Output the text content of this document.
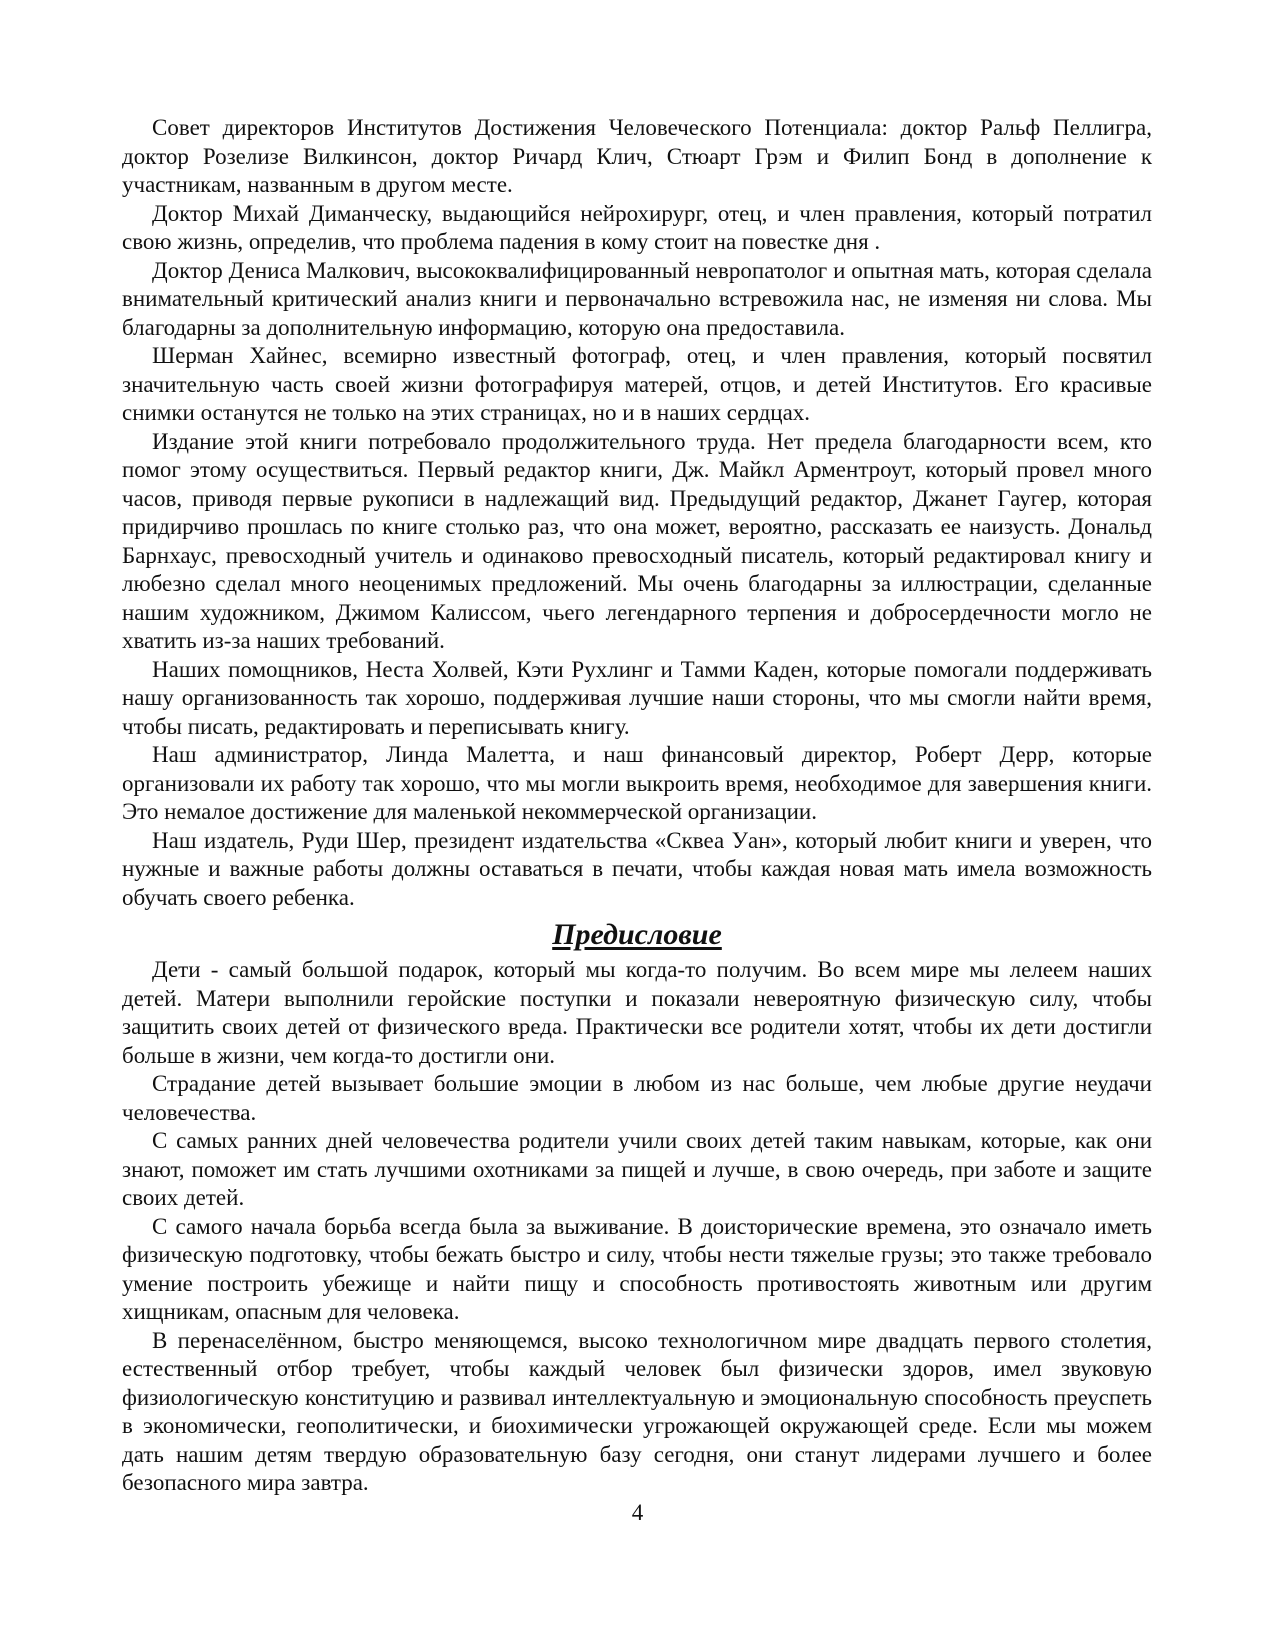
Совет директоров Институтов Достижения Человеческого Потенциала: доктор Ральф Пеллигра, доктор Розелизе Вилкинсон, доктор Ричард Клич, Стюарт Грэм и Филип Бонд в дополнение к участникам, названным в другом месте.

Доктор Михай Диманческу, выдающийся нейрохирург, отец, и член правления, который потратил свою жизнь, определив, что проблема падения в кому стоит на повестке дня .

Доктор Дениса Малкович, высококвалифицированный невропатолог и опытная мать, которая сделала внимательный критический анализ книги и первоначально встревожила нас, не изменяя ни слова. Мы благодарны за дополнительную информацию, которую она предоставила.

Шерман Хайнес, всемирно известный фотограф, отец, и член правления, который посвятил значительную часть своей жизни фотографируя матерей, отцов, и детей Институтов. Его красивые снимки останутся не только на этих страницах, но и в наших сердцах.

Издание этой книги потребовало продолжительного труда. Нет предела благодарности всем, кто помог этому осуществиться. Первый редактор книги, Дж. Майкл Арментроут, который провел много часов, приводя первые рукописи в надлежащий вид. Предыдущий редактор, Джанет Гаугер, которая придирчиво прошлась по книге столько раз, что она может, вероятно, рассказать ее наизусть. Дональд Барнхаус, превосходный учитель и одинаково превосходный писатель, который редактировал книгу и любезно сделал много неоценимых предложений. Мы очень благодарны за иллюстрации, сделанные нашим художником, Джимом Калиссом, чьего легендарного терпения и добросердечности могло не хватить из-за наших требований.

Наших помощников, Неста Холвей, Кэти Рухлинг и Тамми Каден, которые помогали поддерживать нашу организованность так хорошо, поддерживая лучшие наши стороны, что мы смогли найти время, чтобы писать, редактировать и переписывать книгу.

Наш администратор, Линда Малетта, и наш финансовый директор, Роберт Дерр, которые организовали их работу так хорошо, что мы могли выкроить время, необходимое для завершения книги. Это немалое достижение для маленькой некоммерческой организации.

Наш издатель, Руди Шер, президент издательства «Сквеа Уан», который любит книги и уверен, что нужные и важные работы должны оставаться в печати, чтобы каждая новая мать имела возможность обучать своего ребенка.

Предисловие

Дети - самый большой подарок, который мы когда-то получим. Во всем мире мы лелеем наших детей. Матери выполнили геройские поступки и показали невероятную физическую силу, чтобы защитить своих детей от физического вреда. Практически все родители хотят, чтобы их дети достигли больше в жизни, чем когда-то достигли они.

Страдание детей вызывает большие эмоции в любом из нас больше, чем любые другие неудачи человечества.

С самых ранних дней человечества родители учили своих детей таким навыкам, которые, как они знают, поможет им стать лучшими охотниками за пищей и лучше, в свою очередь, при заботе и защите своих детей.

С самого начала борьба всегда была за выживание. В доисторические времена, это означало иметь физическую подготовку, чтобы бежать быстро и силу, чтобы нести тяжелые грузы; это также требовало умение построить убежище и найти пищу и способность противостоять животным или другим хищникам, опасным для человека.

В перенаселённом, быстро меняющемся, высоко технологичном мире двадцать первого столетия, естественный отбор требует, чтобы каждый человек был физически здоров, имел звуковую физиологическую конституцию и развивал интеллектуальную и эмоциональную способность преуспеть в экономически, геополитически, и биохимически угрожающей окружающей среде. Если мы можем дать нашим детям твердую образовательную базу сегодня, они станут лидерами лучшего и более безопасного мира завтра.

4
